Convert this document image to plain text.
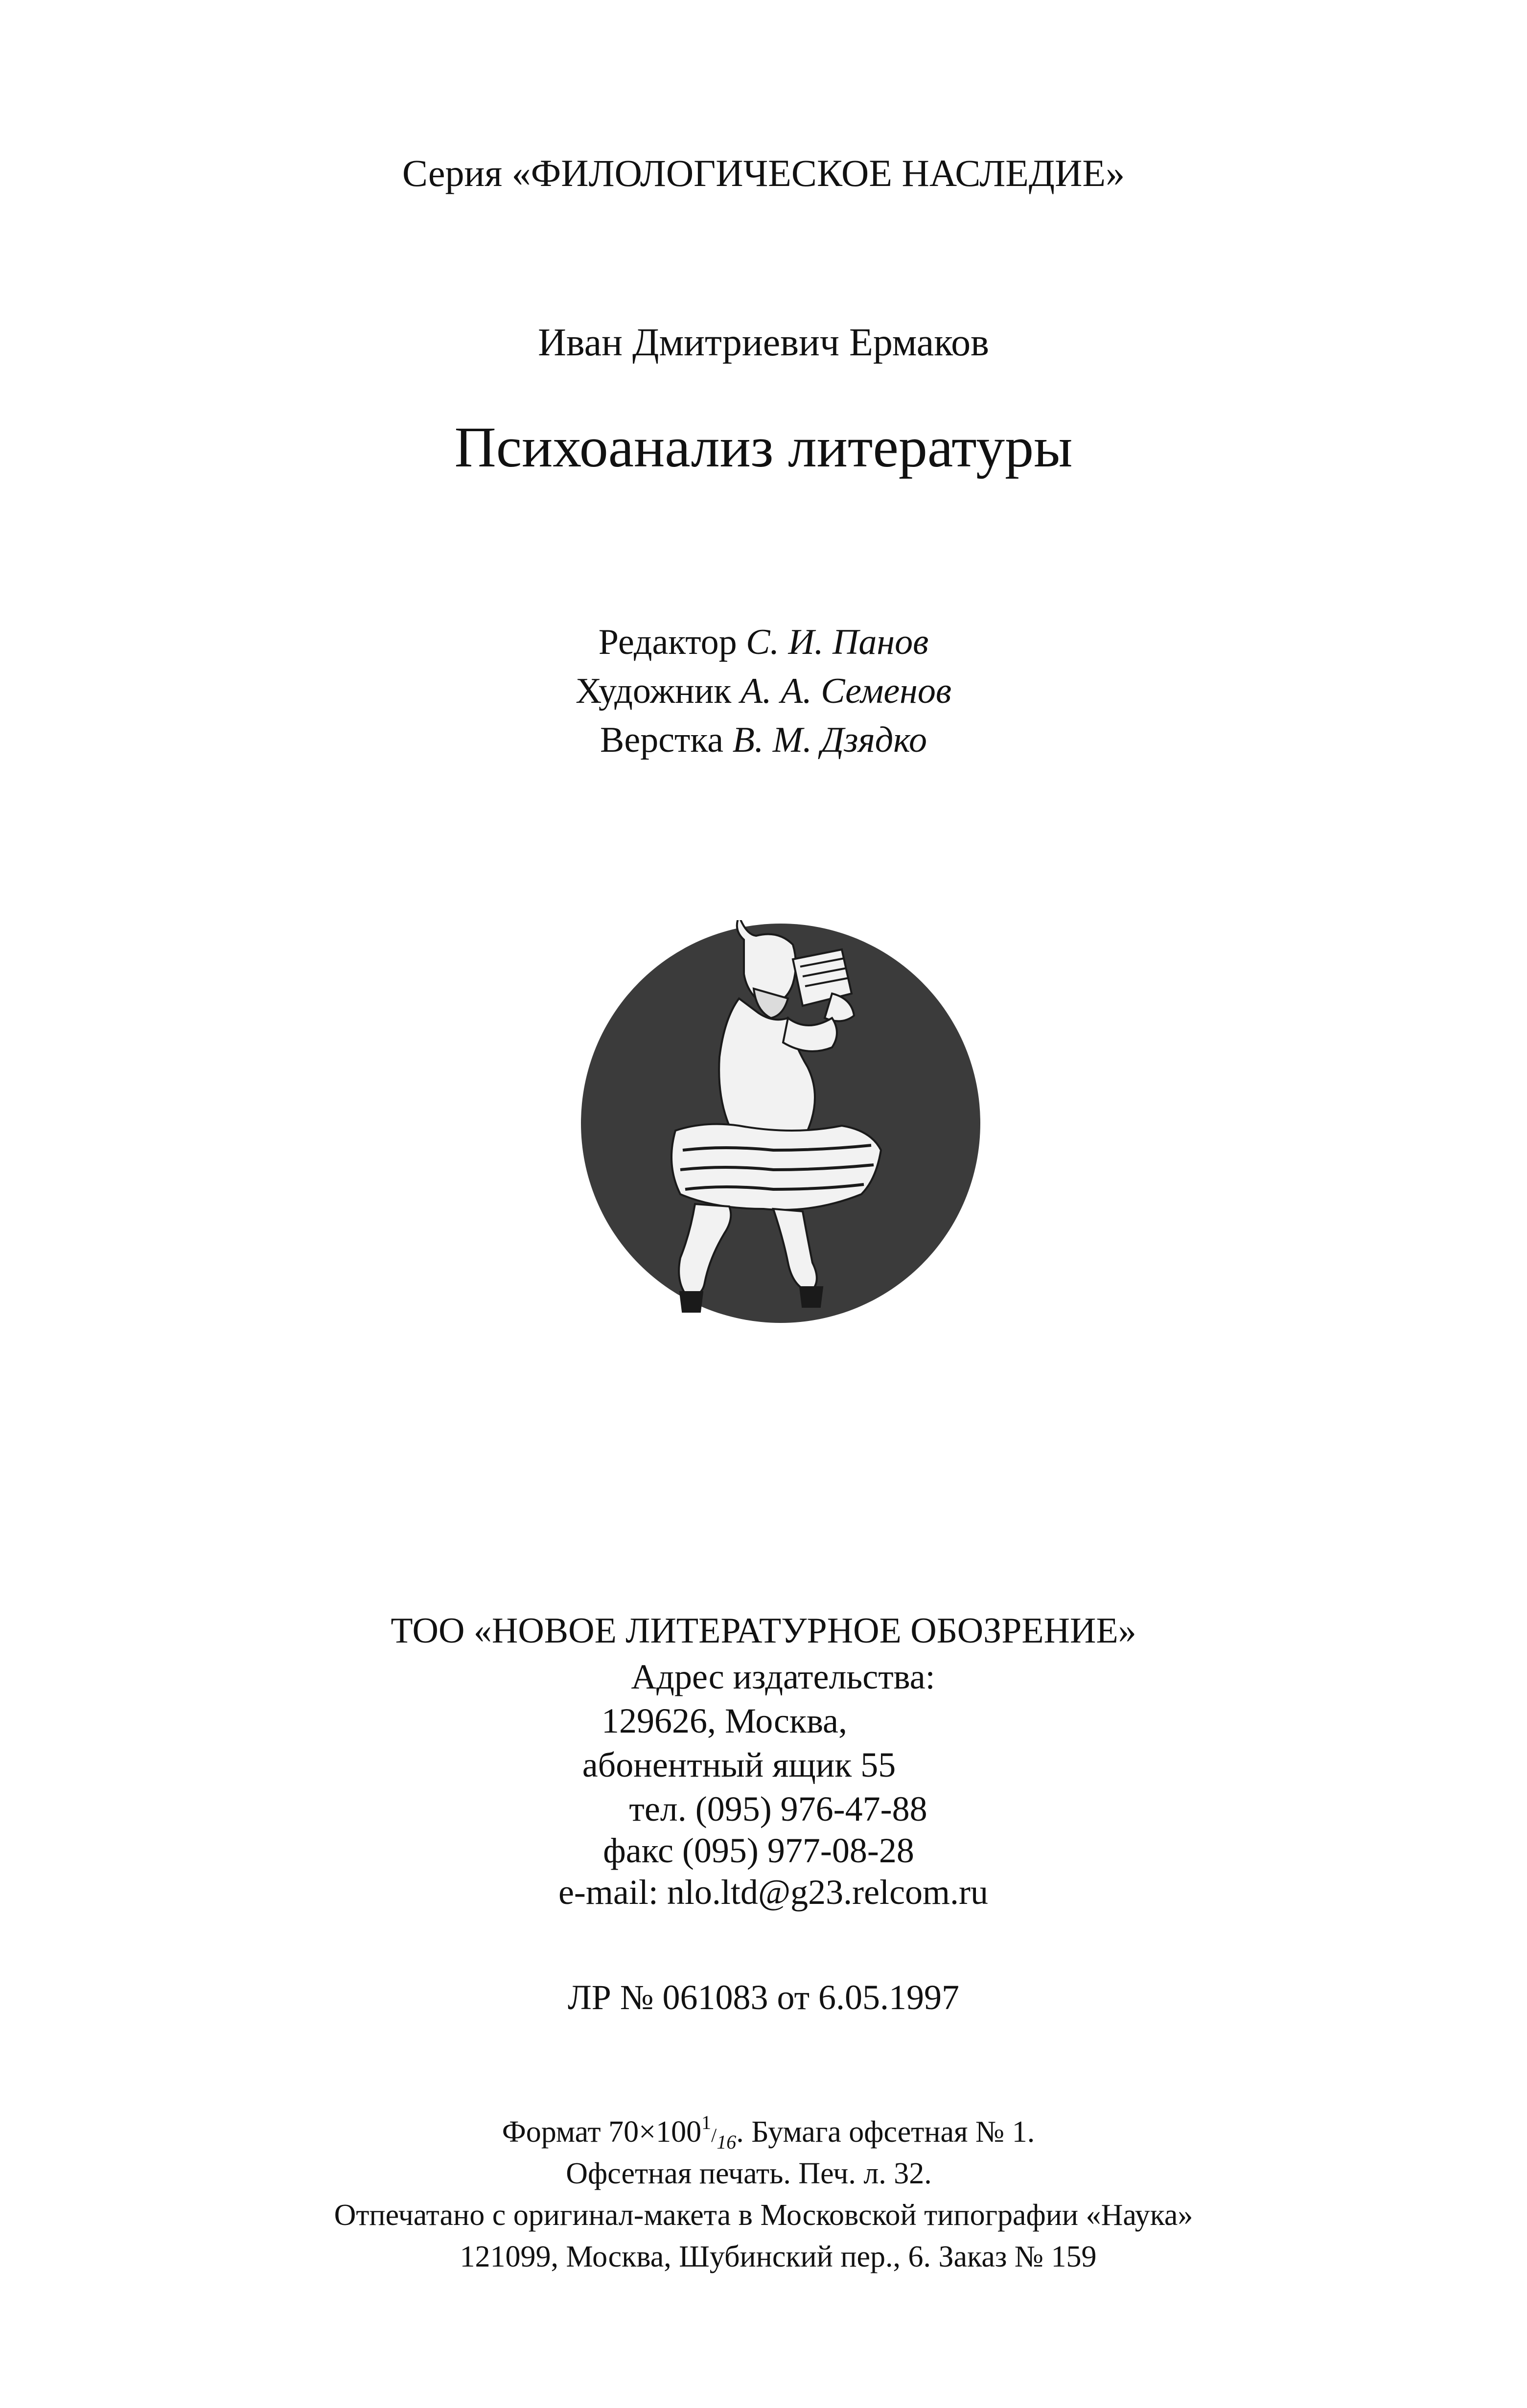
Серия «ФИЛОЛОГИЧЕСКОЕ НАСЛЕДИЕ»
Иван Дмитриевич Ермаков
Психоанализ литературы
Редактор С. И. Панов
Художник А. А. Семенов
Верстка В. М. Дзядко
ТОО «НОВОЕ ЛИТЕРАТУРНОЕ ОБОЗРЕНИЕ»
Адрес издательства:
129626, Москва,
абонентный ящик 55
тел. (095) 976-47-88
факс (095) 977-08-28
e-mail: nlo.ltd@g23.relcom.ru
ЛР № 061083 от 6.05.1997
Формат 70×1001/16. Бумага офсетная № 1.
Офсетная печать. Печ. л. 32.
Отпечатано с оригинал-макета в Московской типографии «Наука»
121099, Москва, Шубинский пер., 6. Заказ № 159
